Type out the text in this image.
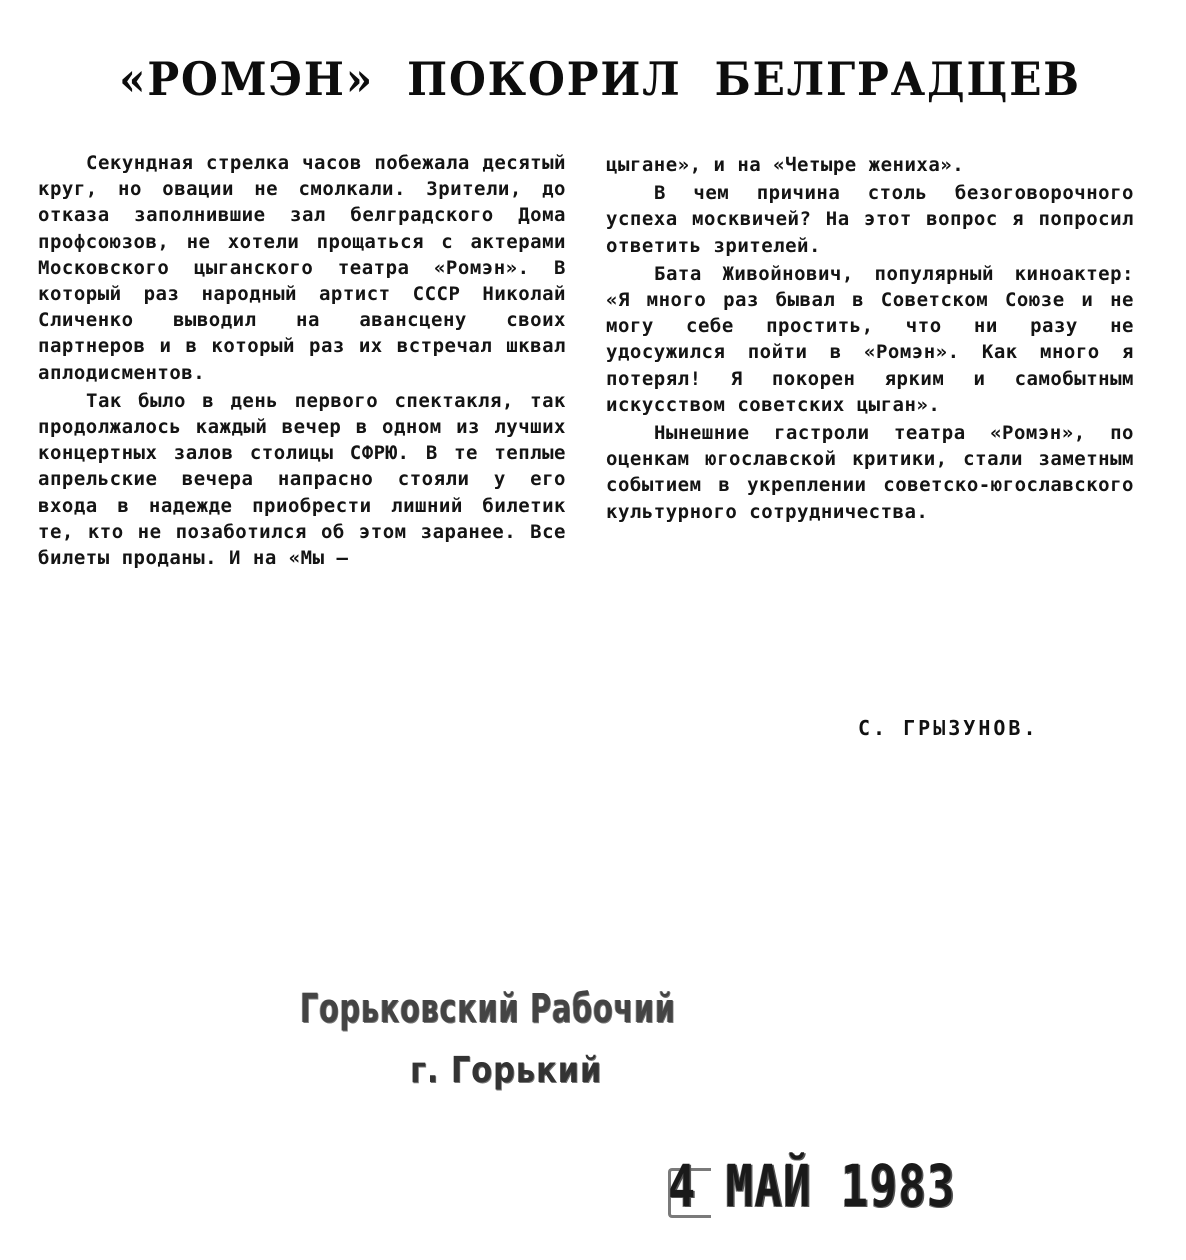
«РОМЭН» ПОКОРИЛ БЕЛГРАДЦЕВ

Секундная стрелка часов побежала десятый круг, но овации не смолкали. Зрители, до отказа заполнившие зал белградского Дома профсоюзов, не хотели прощаться с актерами Московского цыганского театра «Ромэн». В который раз народный артист СССР Николай Сличенко выводил на авансцену своих партнеров и в который раз их встречал шквал аплодисментов.

Так было в день первого спектакля, так продолжалось каждый вечер в одном из лучших концертных залов столицы СФРЮ. В те теплые апрельские вечера напрасно стояли у его входа в надежде приобрести лишний билетик те, кто не позаботился об этом заранее. Все билеты проданы. И на «Мы —

цыгане», и на «Четыре жениха».

В чем причина столь безоговорочного успеха москвичей? На этот вопрос я попросил ответить зрителей.

Бата Живойнович, популярный киноактер: «Я много раз бывал в Советском Союзе и не могу себе простить, что ни разу не удосужился пойти в «Ромэн». Как много я потерял! Я покорен ярким и самобытным искусством советских цыган».

Нынешние гастроли театра «Ромэн», по оценкам югославской критики, стали заметным событием в укреплении советско-югославского культурного сотрудничества.

С. ГРЫЗУНОВ.
Горьковский Рабочий
г. Горький
4 МАЙ 1983
